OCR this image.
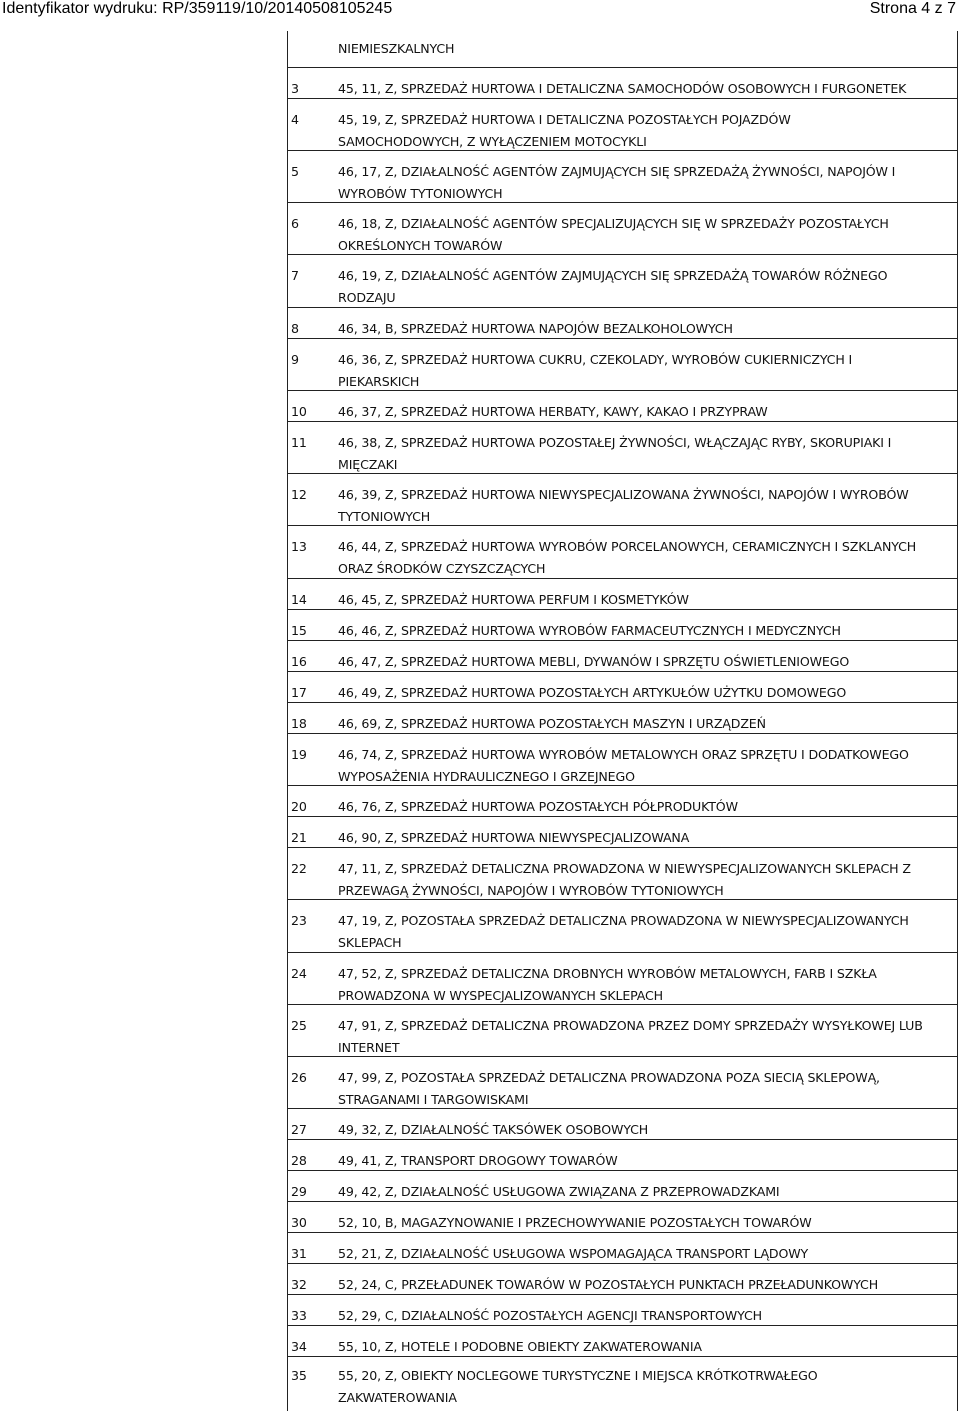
Identyfikator wydruku: RP/359119/10/20140508105245	Strona 4 z 7
NIEMIESZKALNYCH
3	45, 11, Z, SPRZEDAŻ HURTOWA I DETALICZNA SAMOCHODÓW OSOBOWYCH I FURGONETEK
4	45, 19, Z, SPRZEDAŻ HURTOWA I DETALICZNA POZOSTAŁYCH POJAZDÓW
SAMOCHODOWYCH, Z WYŁĄCZENIEM MOTOCYKLI
5	46, 17, Z, DZIAŁALNOŚĆ AGENTÓW ZAJMUJĄCYCH SIĘ SPRZEDAŻĄ ŻYWNOŚCI, NAPOJÓW I
WYROBÓW TYTONIOWYCH
6	46, 18, Z, DZIAŁALNOŚĆ AGENTÓW SPECJALIZUJĄCYCH SIĘ W SPRZEDAŻY POZOSTAŁYCH
OKREŚLONYCH TOWARÓW
7	46, 19, Z, DZIAŁALNOŚĆ AGENTÓW ZAJMUJĄCYCH SIĘ SPRZEDAŻĄ TOWARÓW RÓŻNEGO
RODZAJU
8	46, 34, B, SPRZEDAŻ HURTOWA NAPOJÓW BEZALKOHOLOWYCH
9	46, 36, Z, SPRZEDAŻ HURTOWA CUKRU, CZEKOLADY, WYROBÓW CUKIERNICZYCH I
PIEKARSKICH
10	46, 37, Z, SPRZEDAŻ HURTOWA HERBATY, KAWY, KAKAO I PRZYPRAW
11	46, 38, Z, SPRZEDAŻ HURTOWA POZOSTAŁEJ ŻYWNOŚCI, WŁĄCZAJĄC RYBY, SKORUPIAKI I
MIĘCZAKI
12	46, 39, Z, SPRZEDAŻ HURTOWA NIEWYSPECJALIZOWANA ŻYWNOŚCI, NAPOJÓW I WYROBÓW
TYTONIOWYCH
13	46, 44, Z, SPRZEDAŻ HURTOWA WYROBÓW PORCELANOWYCH, CERAMICZNYCH I SZKLANYCH
ORAZ ŚRODKÓW CZYSZCZĄCYCH
14	46, 45, Z, SPRZEDAŻ HURTOWA PERFUM I KOSMETYKÓW
15	46, 46, Z, SPRZEDAŻ HURTOWA WYROBÓW FARMACEUTYCZNYCH I MEDYCZNYCH
16	46, 47, Z, SPRZEDAŻ HURTOWA MEBLI, DYWANÓW I SPRZĘTU OŚWIETLENIOWEGO
17	46, 49, Z, SPRZEDAŻ HURTOWA POZOSTAŁYCH ARTYKUŁÓW UŻYTKU DOMOWEGO
18	46, 69, Z, SPRZEDAŻ HURTOWA POZOSTAŁYCH MASZYN I URZĄDZEŃ
19	46, 74, Z, SPRZEDAŻ HURTOWA WYROBÓW METALOWYCH ORAZ SPRZĘTU I DODATKOWEGO
WYPOSAŻENIA HYDRAULICZNEGO I GRZEJNEGO
20	46, 76, Z, SPRZEDAŻ HURTOWA POZOSTAŁYCH PÓŁPRODUKTÓW
21	46, 90, Z, SPRZEDAŻ HURTOWA NIEWYSPECJALIZOWANA
22	47, 11, Z, SPRZEDAŻ DETALICZNA PROWADZONA W NIEWYSPECJALIZOWANYCH SKLEPACH Z
PRZEWAGĄ ŻYWNOŚCI, NAPOJÓW I WYROBÓW TYTONIOWYCH
23	47, 19, Z, POZOSTAŁA SPRZEDAŻ DETALICZNA PROWADZONA W NIEWYSPECJALIZOWANYCH
SKLEPACH
24	47, 52, Z, SPRZEDAŻ DETALICZNA DROBNYCH WYROBÓW METALOWYCH, FARB I SZKŁA
PROWADZONA W WYSPECJALIZOWANYCH SKLEPACH
25	47, 91, Z, SPRZEDAŻ DETALICZNA PROWADZONA PRZEZ DOMY SPRZEDAŻY WYSYŁKOWEJ LUB
INTERNET
26	47, 99, Z, POZOSTAŁA SPRZEDAŻ DETALICZNA PROWADZONA POZA SIECIĄ SKLEPOWĄ,
STRAGANAMI I TARGOWISKAMI
27	49, 32, Z, DZIAŁALNOŚĆ TAKSÓWEK OSOBOWYCH
28	49, 41, Z, TRANSPORT DROGOWY TOWARÓW
29	49, 42, Z, DZIAŁALNOŚĆ USŁUGOWA ZWIĄZANA Z PRZEPROWADZKAMI
30	52, 10, B, MAGAZYNOWANIE I PRZECHOWYWANIE POZOSTAŁYCH TOWARÓW
31	52, 21, Z, DZIAŁALNOŚĆ USŁUGOWA WSPOMAGAJĄCA TRANSPORT LĄDOWY
32	52, 24, C, PRZEŁADUNEK TOWARÓW W POZOSTAŁYCH PUNKTACH PRZEŁADUNKOWYCH
33	52, 29, C, DZIAŁALNOŚĆ POZOSTAŁYCH AGENCJI TRANSPORTOWYCH
34	55, 10, Z, HOTELE I PODOBNE OBIEKTY ZAKWATEROWANIA
35	55, 20, Z, OBIEKTY NOCLEGOWE TURYSTYCZNE I MIEJSCA KRÓTKOTRWAŁEGO
ZAKWATEROWANIA
